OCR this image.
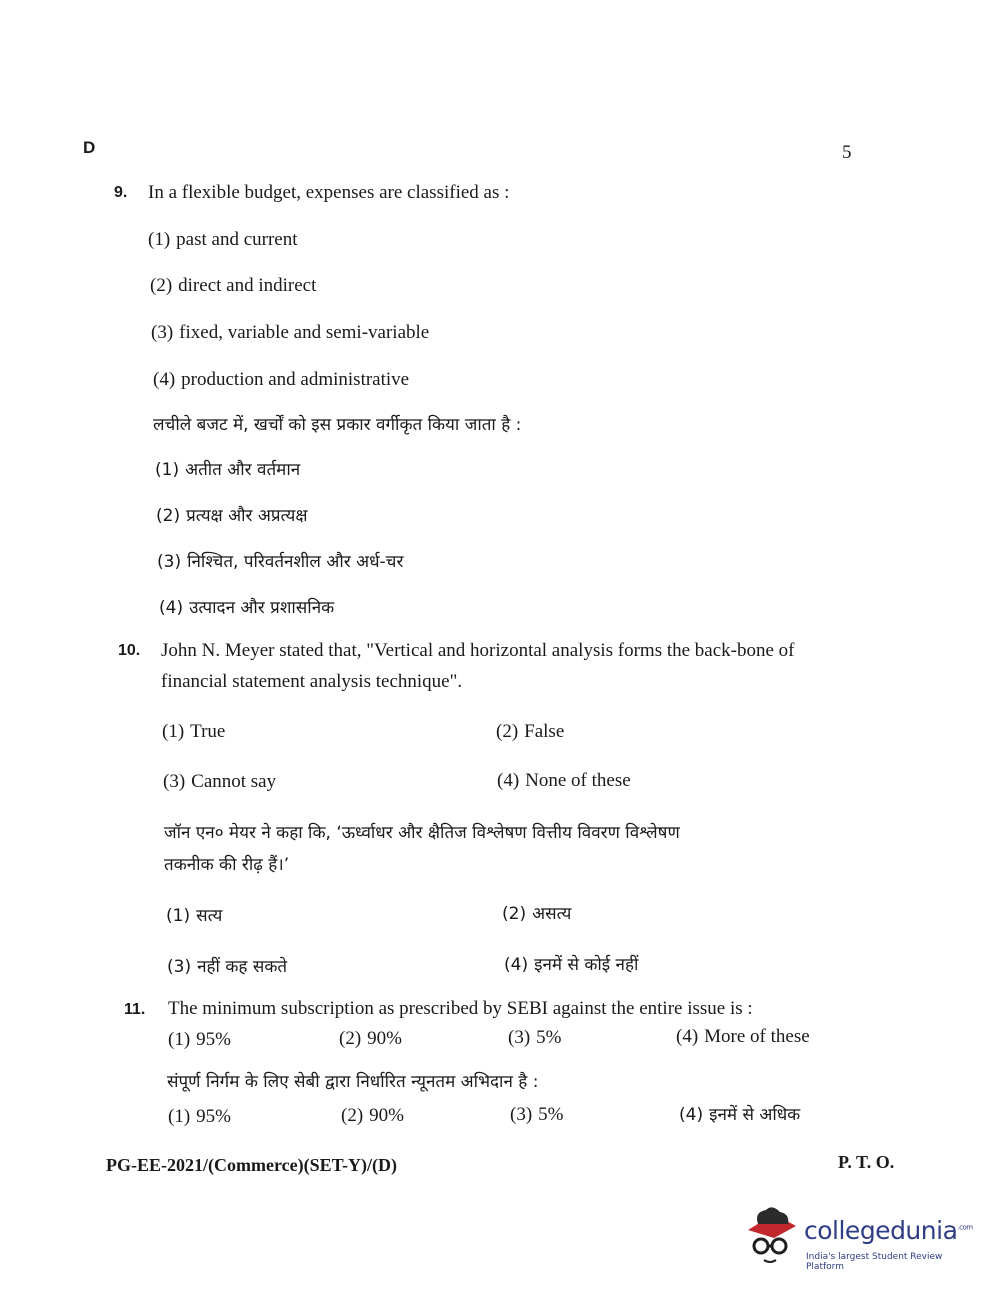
D	5
9. In a flexible budget, expenses are classified as :
(1) past and current
(2) direct and indirect
(3) fixed, variable and semi-variable
(4) production and administrative
लचीले बजट में, खर्चों को इस प्रकार वर्गीकृत किया जाता है :
(1) अतीत और वर्तमान
(2) प्रत्यक्ष और अप्रत्यक्ष
(3) निश्चित, परिवर्तनशील और अर्ध-चर
(4) उत्पादन और प्रशासनिक
10. John N. Meyer stated that, "Vertical and horizontal analysis forms the back-bone of
financial statement analysis technique".
(1) True	(2) False
(3) Cannot say	(4) None of these
जॉन एन० मेयर ने कहा कि, ‘ऊर्ध्वाधर और क्षैतिज विश्लेषण वित्तीय विवरण विश्लेषण
तकनीक की रीढ़ हैं।’
(1) सत्य	(2) असत्य
(3) नहीं कह सकते	(4) इनमें से कोई नहीं
11. The minimum subscription as prescribed by SEBI against the entire issue is :
(1) 95%	(2) 90%	(3) 5%	(4) More of these
संपूर्ण निर्गम के लिए सेबी द्वारा निर्धारित न्यूनतम अभिदान है :
(1) 95%	(2) 90%	(3) 5%	(4) इनमें से अधिक
PG-EE-2021/(Commerce)(SET-Y)/(D)	P. T. O.
collegedunia$^{.com}$
India's largest Student Review Platform
